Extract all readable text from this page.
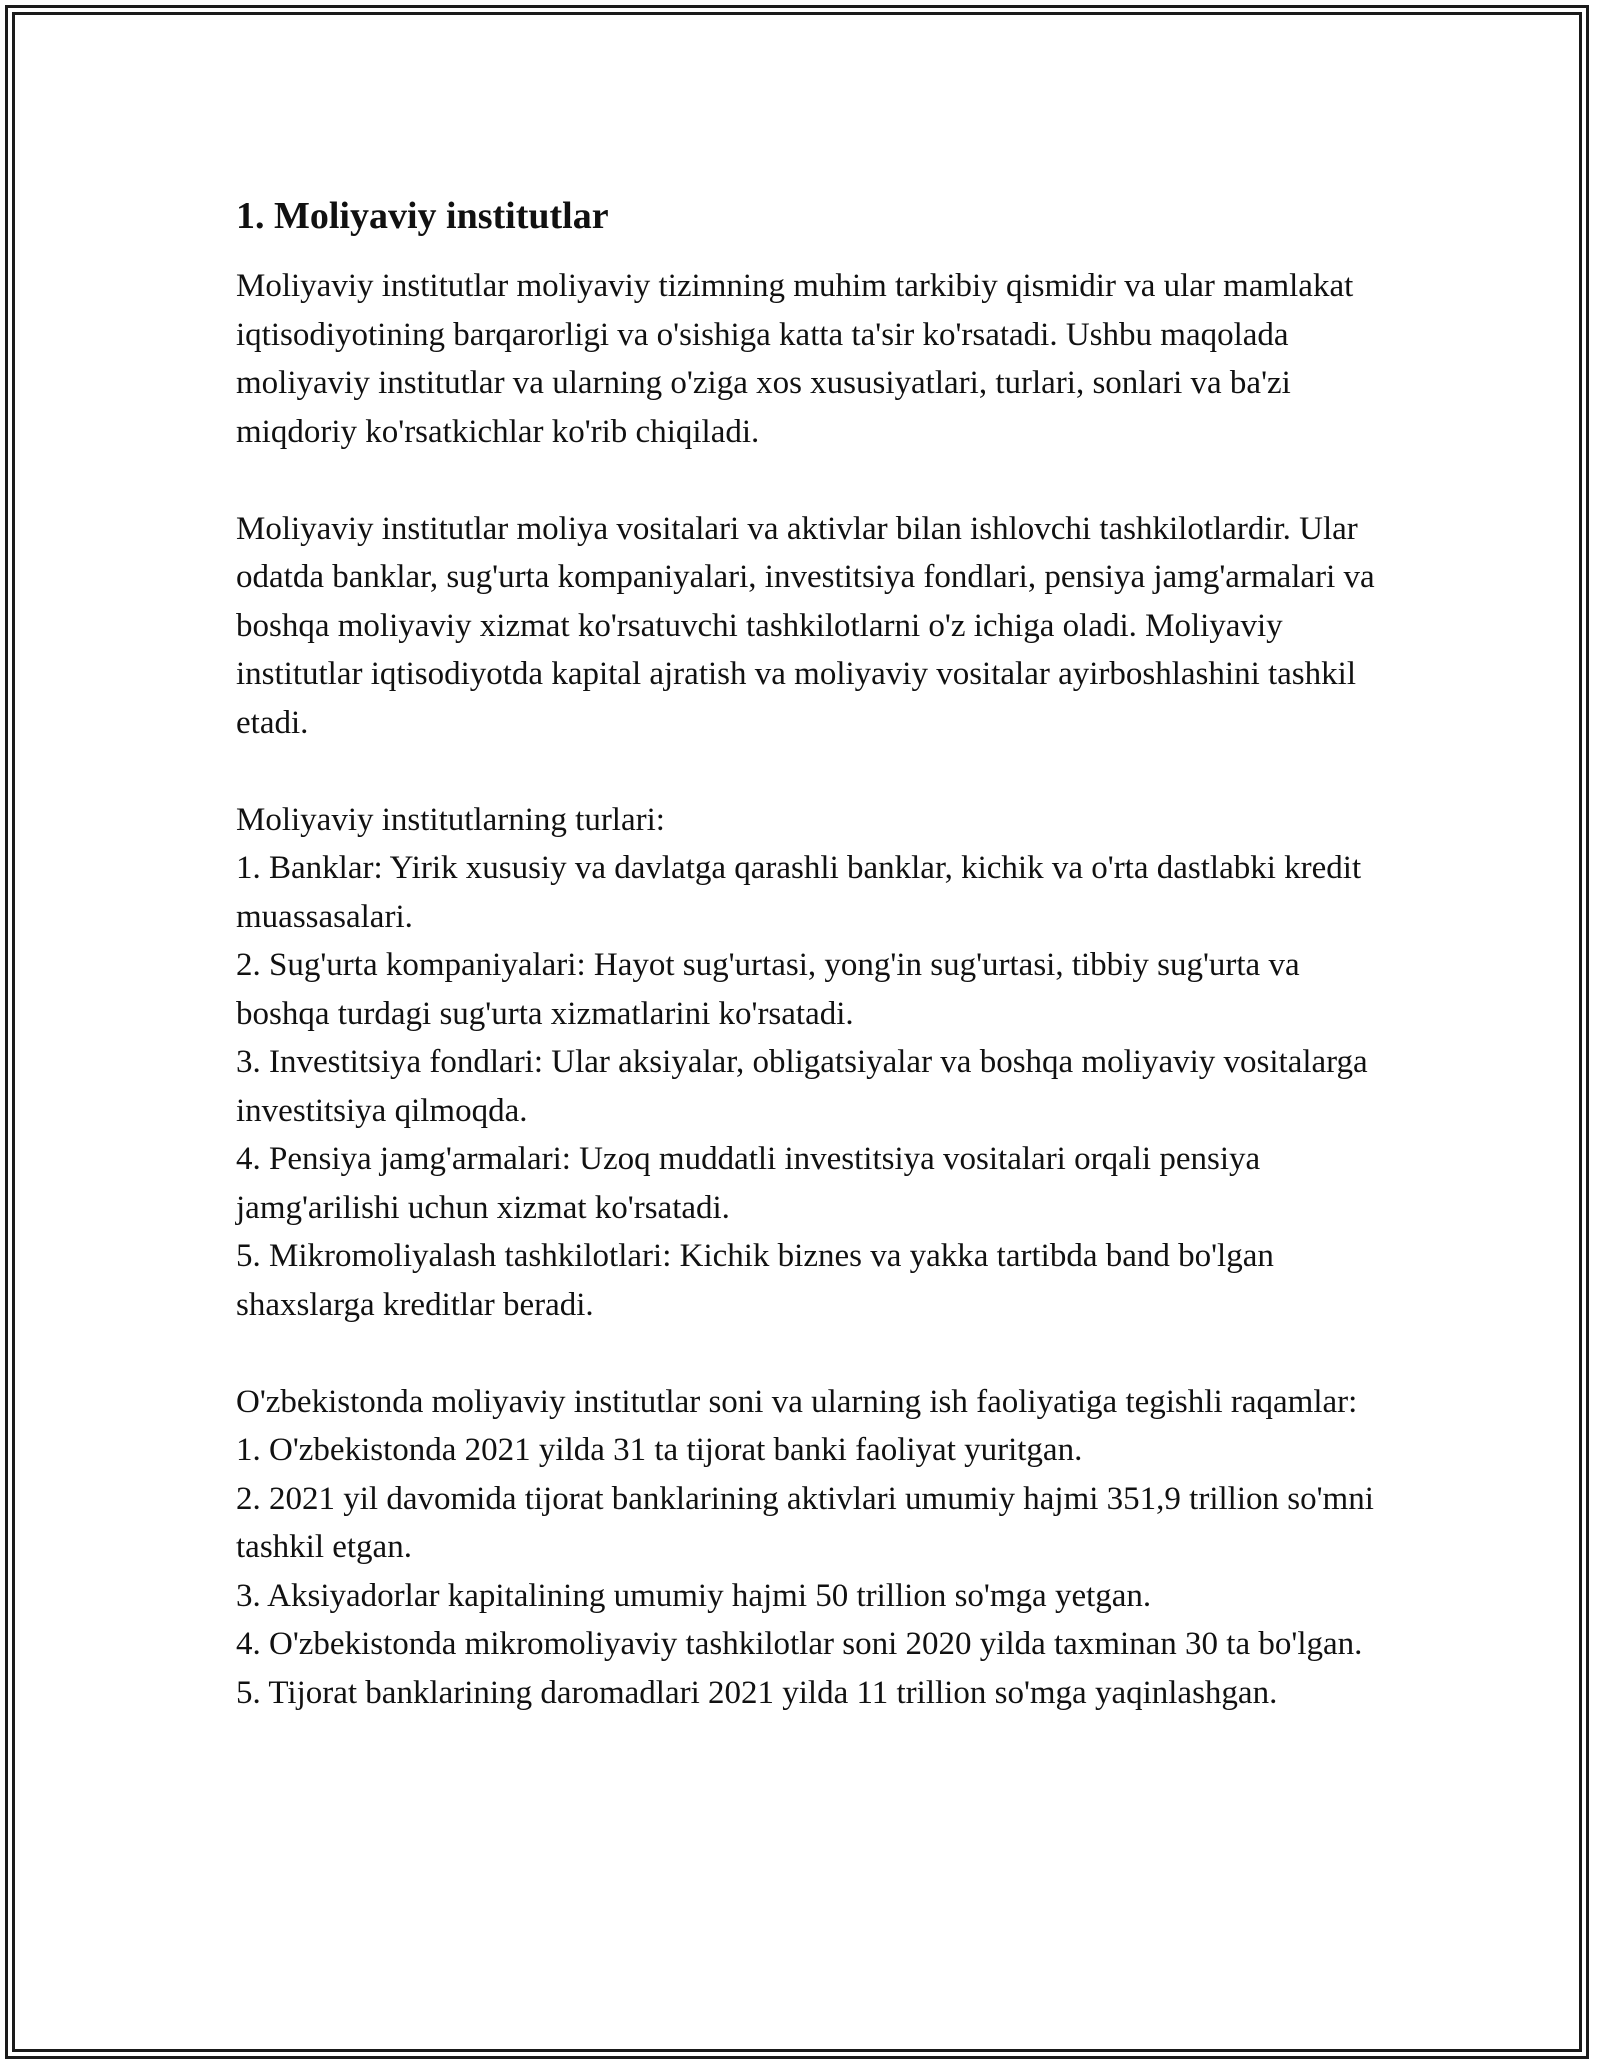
1. Moliyaviy institutlar

Moliyaviy institutlar moliyaviy tizimning muhim tarkibiy qismidir va ular mamlakat iqtisodiyotining barqarorligi va o'sishiga katta ta'sir ko'rsatadi. Ushbu maqolada moliyaviy institutlar va ularning o'ziga xos xususiyatlari, turlari, sonlari va ba'zi miqdoriy ko'rsatkichlar ko'rib chiqiladi.

Moliyaviy institutlar moliya vositalari va aktivlar bilan ishlovchi tashkilotlardir. Ular odatda banklar, sug'urta kompaniyalari, investitsiya fondlari, pensiya jamg'armalari va boshqa moliyaviy xizmat ko'rsatuvchi tashkilotlarni o'z ichiga oladi. Moliyaviy institutlar iqtisodiyotda kapital ajratish va moliyaviy vositalar ayirboshlashini tashkil etadi.

Moliyaviy institutlarning turlari:
1. Banklar: Yirik xususiy va davlatga qarashli banklar, kichik va o'rta dastlabki kredit muassasalari.
2. Sug'urta kompaniyalari: Hayot sug'urtasi, yong'in sug'urtasi, tibbiy sug'urta va boshqa turdagi sug'urta xizmatlarini ko'rsatadi.
3. Investitsiya fondlari: Ular aksiyalar, obligatsiyalar va boshqa moliyaviy vositalarga investitsiya qilmoqda.
4. Pensiya jamg'armalari: Uzoq muddatli investitsiya vositalari orqali pensiya jamg'arilishi uchun xizmat ko'rsatadi.
5. Mikromoliyalash tashkilotlari: Kichik biznes va yakka tartibda band bo'lgan shaxslarga kreditlar beradi.
O'zbekistonda moliyaviy institutlar soni va ularning ish faoliyatiga tegishli raqamlar:
1. O'zbekistonda 2021 yilda 31 ta tijorat banki faoliyat yuritgan.
2. 2021 yil davomida tijorat banklarining aktivlari umumiy hajmi 351,9 trillion so'mni tashkil etgan.
3. Aksiyadorlar kapitalining umumiy hajmi 50 trillion so'mga yetgan.
4. O'zbekistonda mikromoliyaviy tashkilotlar soni 2020 yilda taxminan 30 ta bo'lgan.
5. Tijorat banklarining daromadlari 2021 yilda 11 trillion so'mga yaqinlashgan.
